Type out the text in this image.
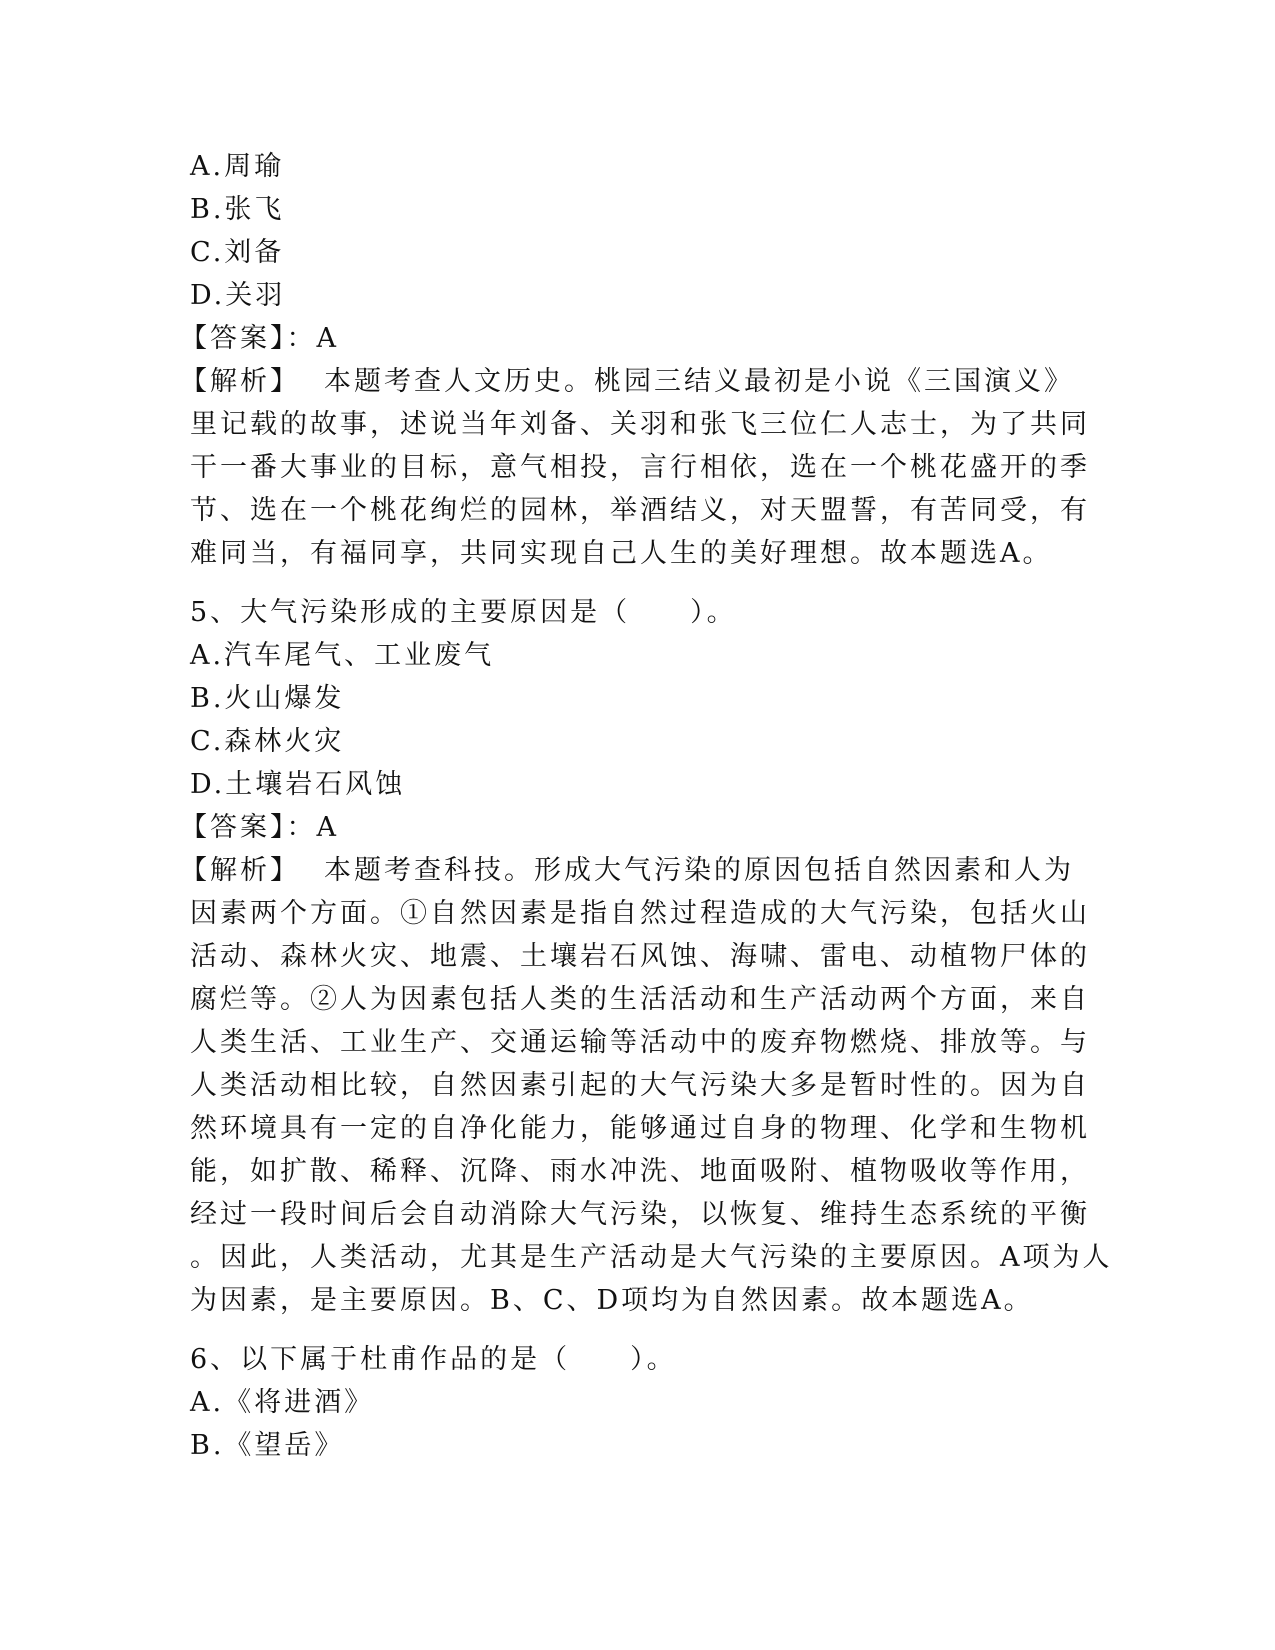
A.周瑜
B.张飞
C.刘备
D.关羽
【答案】：A
【解析】 本题考查人文历史。桃园三结义最初是小说《三国演义》
里记载的故事，述说当年刘备、关羽和张飞三位仁人志士，为了共同
干一番大事业的目标，意气相投，言行相依，选在一个桃花盛开的季
节、选在一个桃花绚烂的园林，举酒结义，对天盟誓，有苦同受，有
难同当，有福同享，共同实现自己人生的美好理想。故本题选A。
5、大气污染形成的主要原因是（　　）。
A.汽车尾气、工业废气
B.火山爆发
C.森林火灾
D.土壤岩石风蚀
【答案】：A
【解析】 本题考查科技。形成大气污染的原因包括自然因素和人为
因素两个方面。①自然因素是指自然过程造成的大气污染，包括火山
活动、森林火灾、地震、土壤岩石风蚀、海啸、雷电、动植物尸体的
腐烂等。②人为因素包括人类的生活活动和生产活动两个方面，来自
人类生活、工业生产、交通运输等活动中的废弃物燃烧、排放等。与
人类活动相比较，自然因素引起的大气污染大多是暂时性的。因为自
然环境具有一定的自净化能力，能够通过自身的物理、化学和生物机
能，如扩散、稀释、沉降、雨水冲洗、地面吸附、植物吸收等作用，
经过一段时间后会自动消除大气污染，以恢复、维持生态系统的平衡
。因此，人类活动，尤其是生产活动是大气污染的主要原因。A项为人
为因素，是主要原因。B、C、D项均为自然因素。故本题选A。
6、以下属于杜甫作品的是（　　）。
A.《将进酒》
B.《望岳》
